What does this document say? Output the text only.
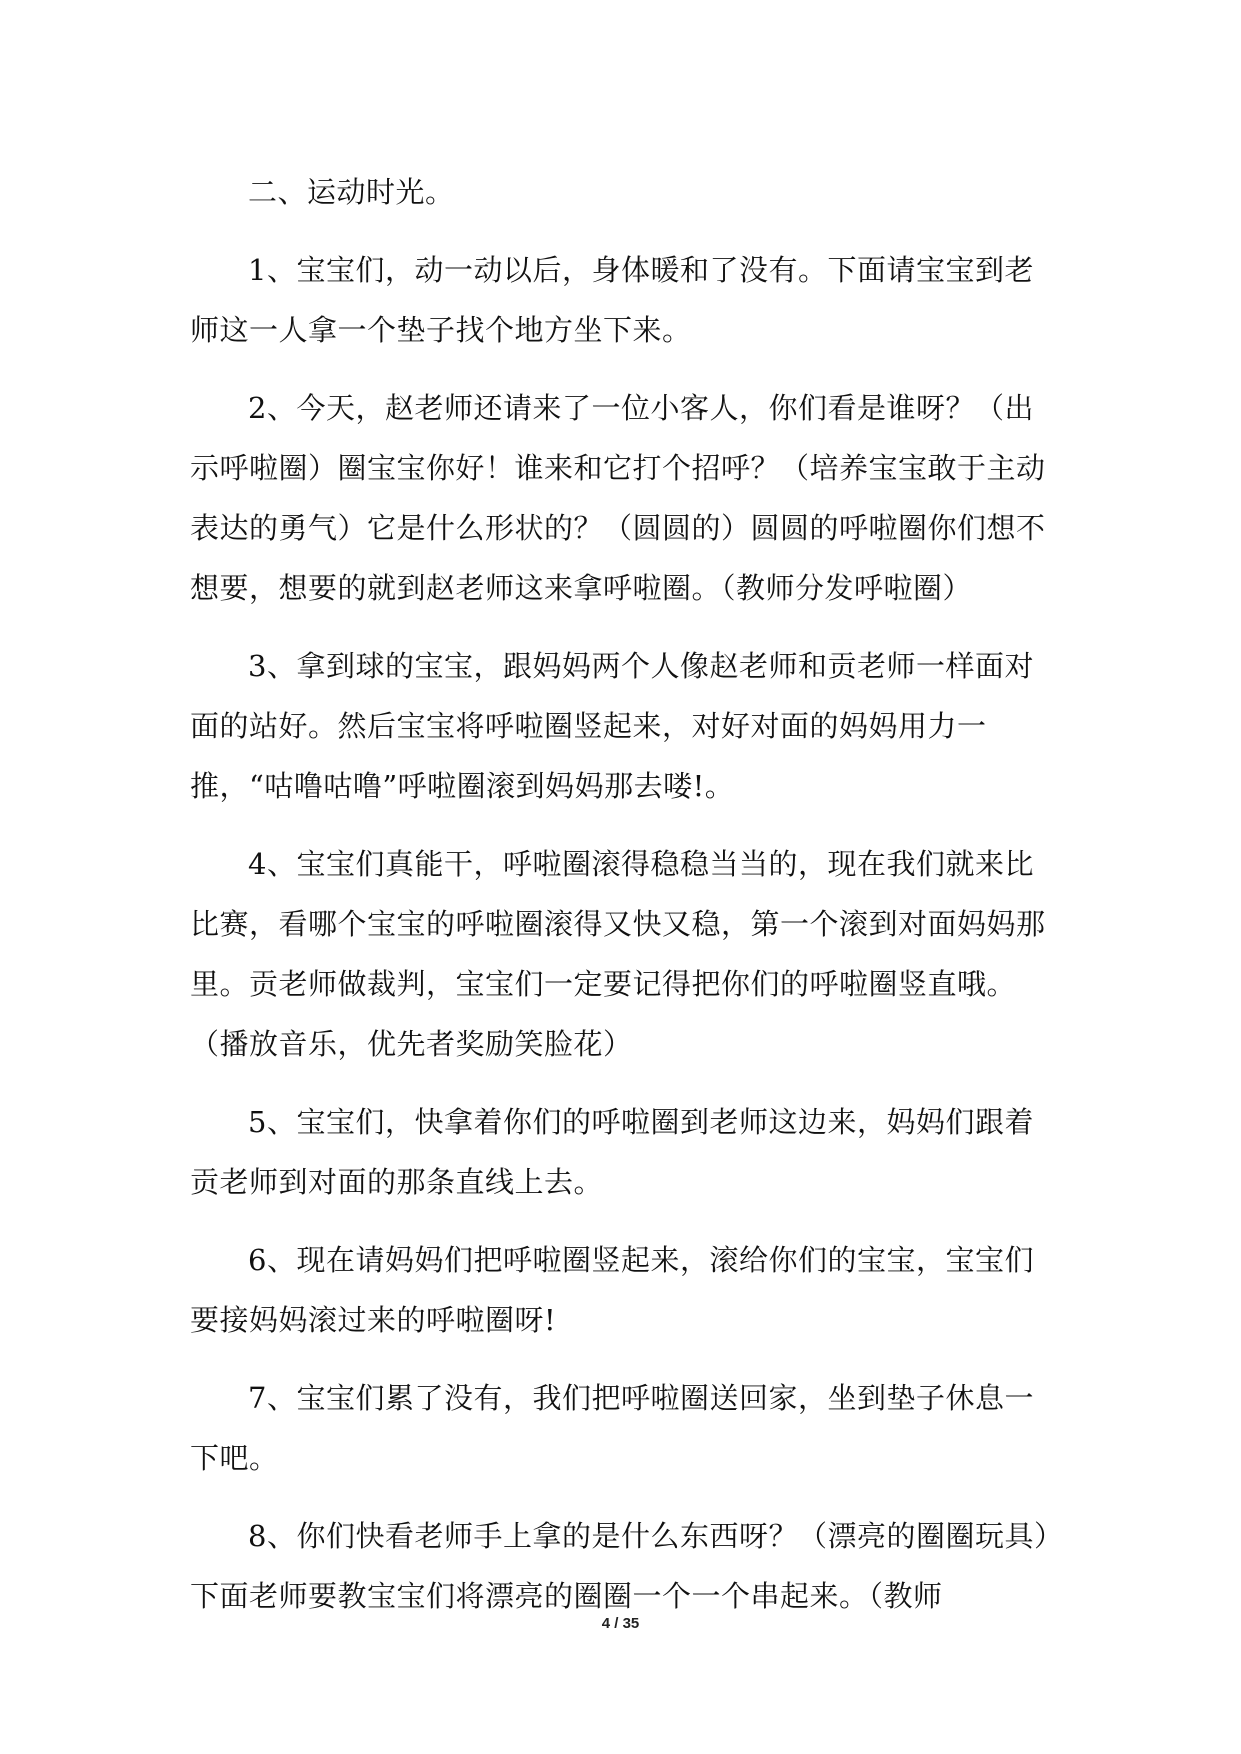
二、运动时光。

1、宝宝们，动一动以后，身体暖和了没有。下面请宝宝到老师这一人拿一个垫子找个地方坐下来。

2、今天，赵老师还请来了一位小客人，你们看是谁呀？（出示呼啦圈）圈宝宝你好！谁来和它打个招呼？（培养宝宝敢于主动表达的勇气）它是什么形状的？（圆圆的）圆圆的呼啦圈你们想不想要，想要的就到赵老师这来拿呼啦圈。（教师分发呼啦圈）

3、拿到球的宝宝，跟妈妈两个人像赵老师和贡老师一样面对面的站好。然后宝宝将呼啦圈竖起来，对好对面的妈妈用力一推，“咕噜咕噜”呼啦圈滚到妈妈那去喽!。

4、宝宝们真能干，呼啦圈滚得稳稳当当的，现在我们就来比比赛，看哪个宝宝的呼啦圈滚得又快又稳，第一个滚到对面妈妈那里。贡老师做裁判，宝宝们一定要记得把你们的呼啦圈竖直哦。（播放音乐，优先者奖励笑脸花）

5、宝宝们，快拿着你们的呼啦圈到老师这边来，妈妈们跟着贡老师到对面的那条直线上去。

6、现在请妈妈们把呼啦圈竖起来，滚给你们的宝宝，宝宝们要接妈妈滚过来的呼啦圈呀!

7、宝宝们累了没有，我们把呼啦圈送回家，坐到垫子休息一下吧。

8、你们快看老师手上拿的是什么东西呀？（漂亮的圈圈玩具）下面老师要教宝宝们将漂亮的圈圈一个一个串起来。（教师

4 / 35
